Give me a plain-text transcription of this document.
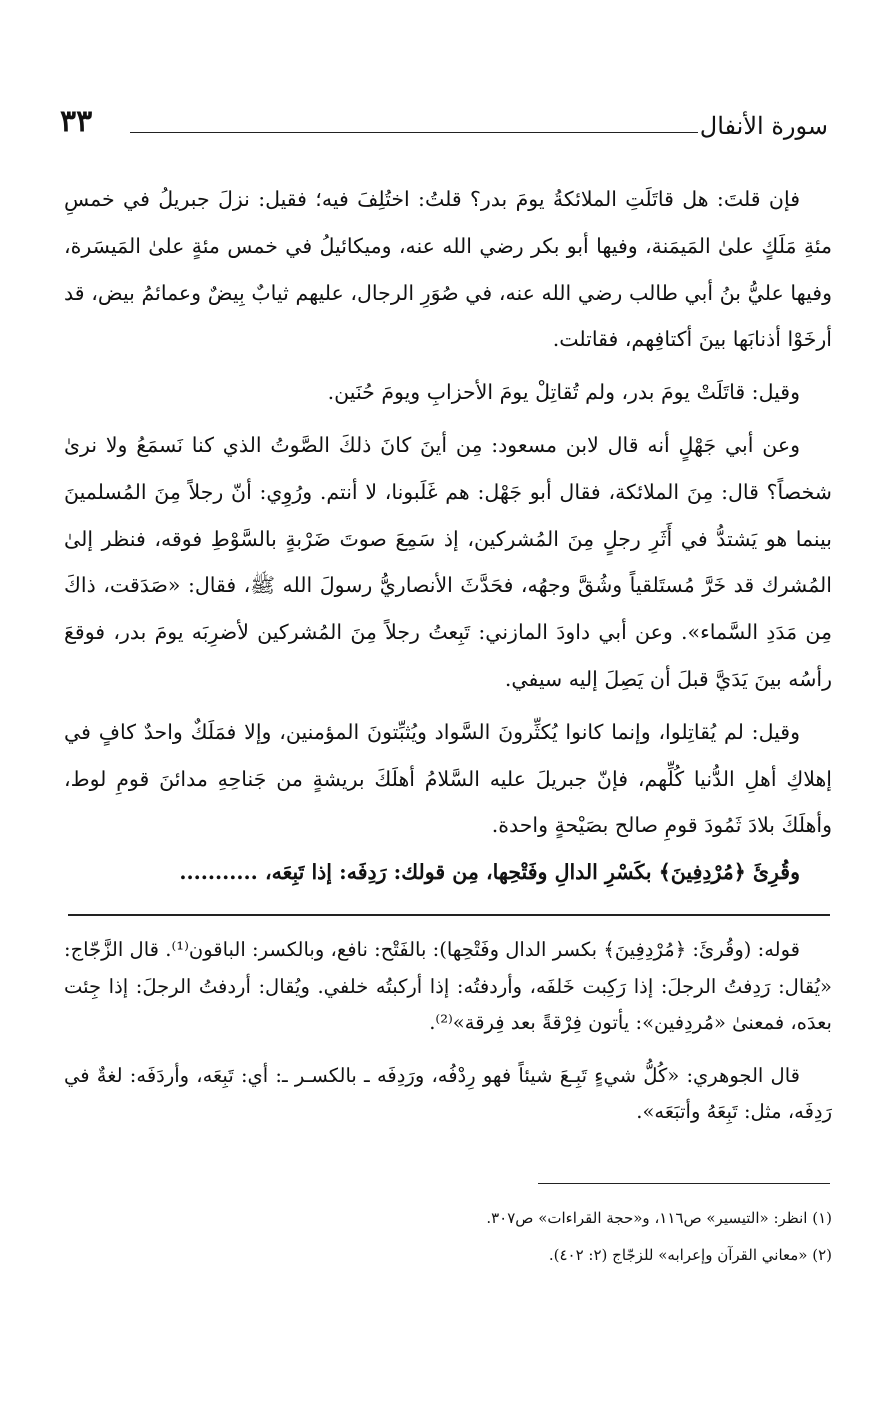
سورة الأنفال
٣٣

فإن قلتَ: هل قاتَلَتِ الملائكةُ يومَ بدر؟ قلتُ: اختُلِفَ فيه؛ فقيل: نزلَ جبريلُ في خمسِ مئةِ مَلَكٍ علىٰ المَيمَنة، وفيها أبو بكر رضي الله عنه، وميكائيلُ في خمس مئةٍ علىٰ المَيسَرة، وفيها عليُّ بنُ أبي طالب رضي الله عنه، في صُوَرِ الرجال، عليهم ثيابٌ بِيضٌ وعمائمُ بيض، قد أرخَوْا أذنابَها بينَ أكتافِهم، فقاتلت.

وقيل: قاتَلَتْ يومَ بدر، ولم تُقاتِلْ يومَ الأحزابِ ويومَ حُنَين.

وعن أبي جَهْلٍ أنه قال لابن مسعود: مِن أينَ كانَ ذلكَ الصَّوتُ الذي كنا نَسمَعُ ولا نرىٰ شخصاً؟ قال: مِنَ الملائكة، فقال أبو جَهْل: هم غَلَبونا، لا أنتم. ورُوِي: أنّ رجلاً مِنَ المُسلمينَ بينما هو يَشتدُّ في أَثَرِ رجلٍ مِنَ المُشركين، إذ سَمِعَ صوتَ ضَرْبةٍ بالسَّوْطِ فوقه، فنظر إلىٰ المُشرك قد خَرَّ مُستَلقياً وشُقَّ وجهُه، فحَدَّثَ الأنصاريُّ رسولَ الله ﷺ، فقال: «صَدَقت، ذاكَ مِن مَدَدِ السَّماء». وعن أبي داودَ المازني: تَبِعتُ رجلاً مِنَ المُشركين لأضرِبَه يومَ بدر، فوقعَ رأسُه بينَ يَدَيَّ قبلَ أن يَصِلَ إليه سيفي.

وقيل: لم يُقاتِلوا، وإنما كانوا يُكثِّرونَ السَّواد ويُثبِّتونَ المؤمنين، وإلا فمَلَكٌ واحدٌ كافٍ في إهلاكِ أهلِ الدُّنيا كُلِّهم، فإنّ جبريلَ عليه السَّلامُ أهلَكَ بريشةٍ من جَناحِهِ مدائنَ قومِ لوط، وأهلَكَ بلادَ ثَمُودَ قومِ صالح بصَيْحةٍ واحدة.

وقُرِئَ ﴿مُرْدِفِينَ﴾ بكَسْرِ الدالِ وفَتْحِها، مِن قولك: رَدِفَه: إذا تَبِعَه، ...........

قوله: (وقُرئَ: ﴿مُرْدِفِينَ﴾ بكسر الدال وفَتْحِها): بالفَتْح: نافع، وبالكسر: الباقون⁽¹⁾. قال الزَّجّاج: «يُقال: رَدِفتُ الرجلَ: إذا رَكِبت خَلفَه، وأردفتُه: إذا أركبتُه خلفي. ويُقال: أردفتُ الرجلَ: إذا جِئت بعدَه، فمعنىٰ «مُردِفين»: يأتون فِرْقةً بعد فِرقة»⁽²⁾.

قال الجوهري: «كُلُّ شيءٍ تَبِـعَ شيئاً فهو رِدْفُه، ورَدِفَه ـ بالكسـر ـ: أي: تَبِعَه، وأردَفَه: لغةٌ في رَدِفَه، مثل: تَبِعَهُ وأتبَعَه».

(١) انظر: «التيسير» ص١١٦، و«حجة القراءات» ص٣٠٧.
(٢) «معاني القرآن وإعرابه» للزجّاج (٢: ٤٠٢).
